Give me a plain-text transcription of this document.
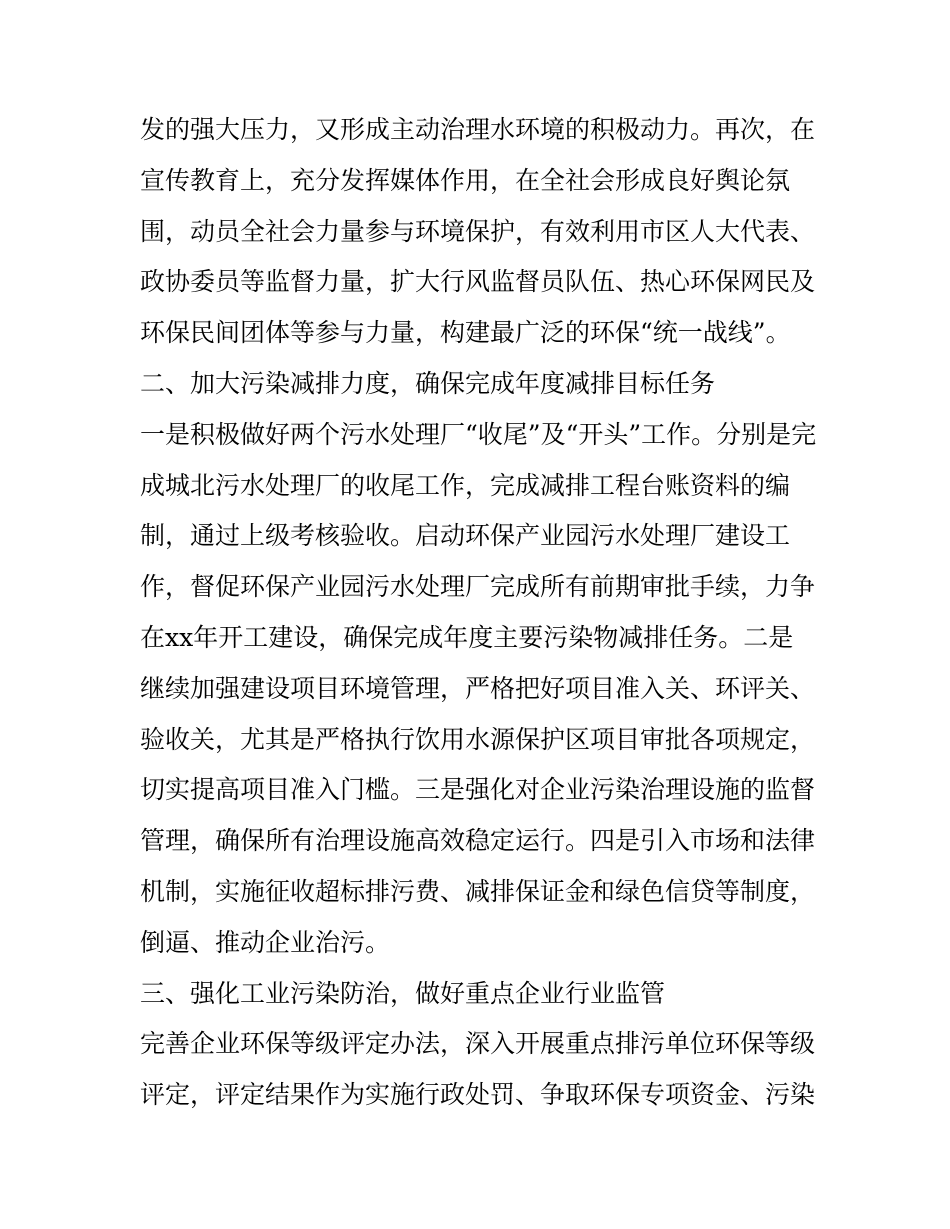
发的强大压力，又形成主动治理水环境的积极动力。再次，在

宣传教育上，充分发挥媒体作用，在全社会形成良好舆论氛

围，动员全社会力量参与环境保护，有效利用市区人大代表、

政协委员等监督力量，扩大行风监督员队伍、热心环保网民及

环保民间团体等参与力量，构建最广泛的环保“统一战线”。

二、加大污染减排力度，确保完成年度减排目标任务

一是积极做好两个污水处理厂“收尾”及“开头”工作。分别是完

成城北污水处理厂的收尾工作，完成减排工程台账资料的编

制，通过上级考核验收。启动环保产业园污水处理厂建设工

作，督促环保产业园污水处理厂完成所有前期审批手续，力争

在xx年开工建设，确保完成年度主要污染物减排任务。二是

继续加强建设项目环境管理，严格把好项目准入关、环评关、

验收关，尤其是严格执行饮用水源保护区项目审批各项规定，

切实提高项目准入门槛。三是强化对企业污染治理设施的监督

管理，确保所有治理设施高效稳定运行。四是引入市场和法律

机制，实施征收超标排污费、减排保证金和绿色信贷等制度，

倒逼、推动企业治污。

三、强化工业污染防治，做好重点企业行业监管

完善企业环保等级评定办法，深入开展重点排污单位环保等级

评定，评定结果作为实施行政处罚、争取环保专项资金、污染
